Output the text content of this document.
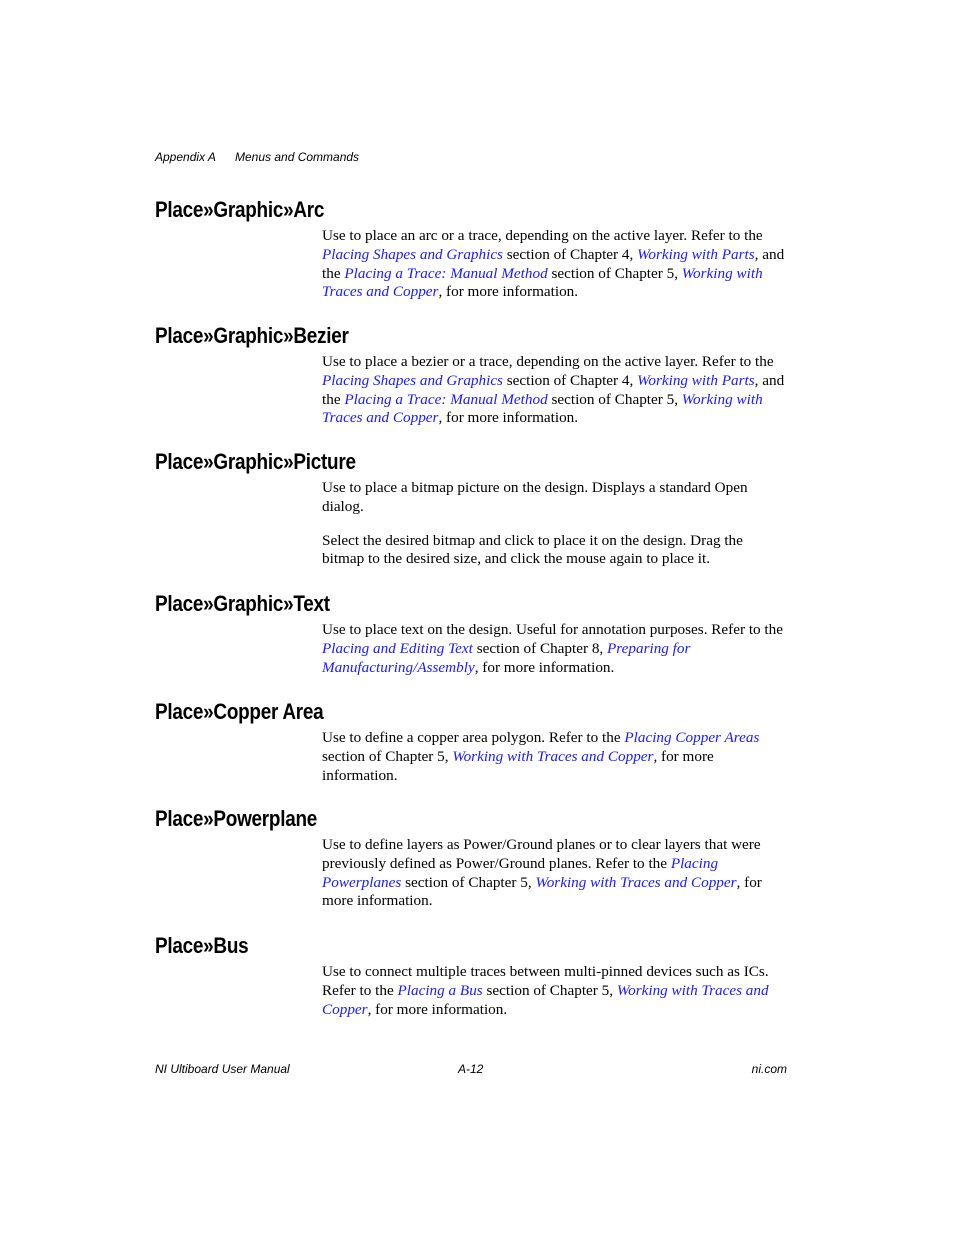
Appendix A Menus and Commands
Place»Graphic»Arc

Use to place an arc or a trace, depending on the active layer. Refer to the Placing Shapes and Graphics section of Chapter 4, Working with Parts, and the Placing a Trace: Manual Method section of Chapter 5, Working with Traces and Copper, for more information.

Place»Graphic»Bezier

Use to place a bezier or a trace, depending on the active layer. Refer to the Placing Shapes and Graphics section of Chapter 4, Working with Parts, and the Placing a Trace: Manual Method section of Chapter 5, Working with Traces and Copper, for more information.

Place»Graphic»Picture

Use to place a bitmap picture on the design. Displays a standard Open dialog.

Select the desired bitmap and click to place it on the design. Drag the bitmap to the desired size, and click the mouse again to place it.

Place»Graphic»Text

Use to place text on the design. Useful for annotation purposes. Refer to the Placing and Editing Text section of Chapter 8, Preparing for Manufacturing/Assembly, for more information.

Place»Copper Area

Use to define a copper area polygon. Refer to the Placing Copper Areas section of Chapter 5, Working with Traces and Copper, for more information.

Place»Powerplane

Use to define layers as Power/Ground planes or to clear layers that were previously defined as Power/Ground planes. Refer to the Placing Powerplanes section of Chapter 5, Working with Traces and Copper, for more information.

Place»Bus

Use to connect multiple traces between multi-pinned devices such as ICs. Refer to the Placing a Bus section of Chapter 5, Working with Traces and Copper, for more information.

NI Ultiboard User Manual	A-12	ni.com
